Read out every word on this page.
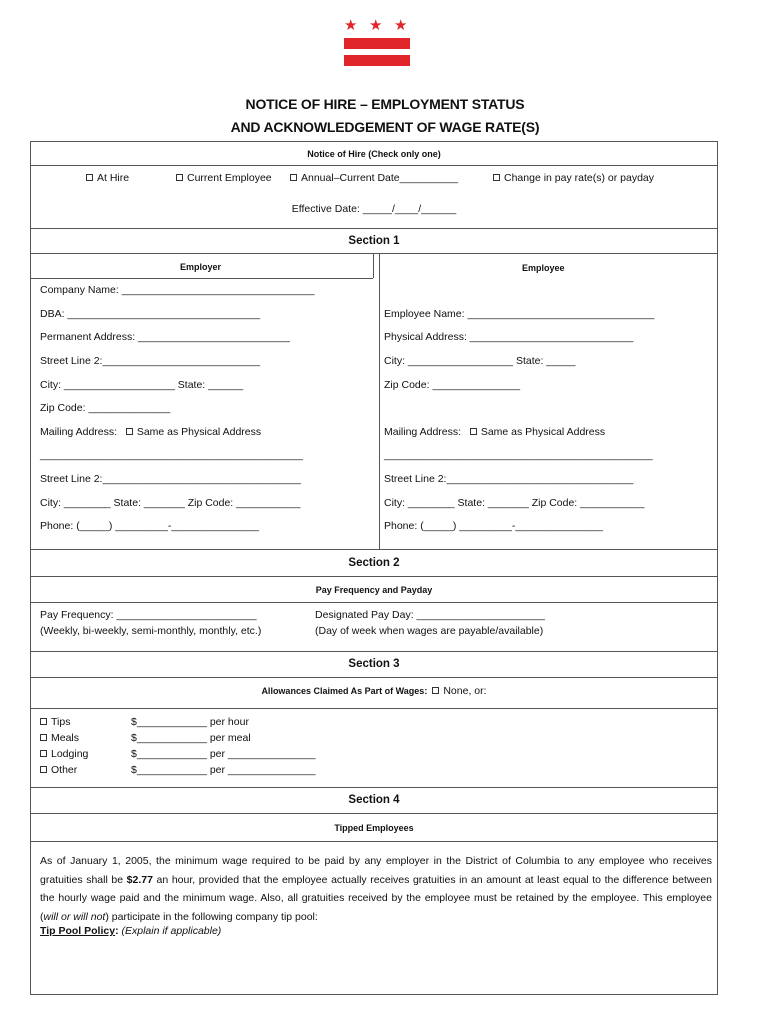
★ ★ ★
NOTICE OF HIRE – EMPLOYMENT STATUS
AND ACKNOWLEDGEMENT OF WAGE RATE(S)
Notice of Hire (Check only one)
At Hire	Current Employee	Annual–Current Date__________	Change in pay rate(s) or payday
Effective Date: _____/____/______
Section 1
Employer	Employee
Company Name: _________________________________
DBA: _________________________________
Permanent Address: __________________________
Street Line 2:___________________________
City: ___________________ State: ______
Zip Code: ______________
Mailing Address: Same as Physical Address
_____________________________________________
Street Line 2:__________________________________
City: ________ State: _______ Zip Code: ___________
Phone: (_____) _________-_______________
Employee Name: ________________________________
Physical Address: ____________________________
City: __________________ State: _____
Zip Code: _______________
Mailing Address: Same as Physical Address
______________________________________________
Street Line 2:________________________________
City: ________ State: _______ Zip Code: ___________
Phone: (_____) _________-_______________
Section 2
Pay Frequency and Payday
Pay Frequency: ________________________
(Weekly, bi-weekly, semi-monthly, monthly, etc.)
Designated Pay Day: ______________________
(Day of week when wages are payable/available)
Section 3
Allowances Claimed As Part of Wages: None, or:
Tips	$____________ per hour
Meals	$____________ per meal
Lodging	$____________ per _______________
Other	$____________ per _______________
Section 4
Tipped Employees
As of January 1, 2005, the minimum wage required to be paid by any employer in the District of Columbia to any employee who receives gratuities shall be $2.77 an hour, provided that the employee actually receives gratuities in an amount at least equal to the difference between the hourly wage paid and the minimum wage. Also, all gratuities received by the employee must be retained by the employee. This employee (will or will not) participate in the following company tip pool:
Tip Pool Policy: (Explain if applicable)
